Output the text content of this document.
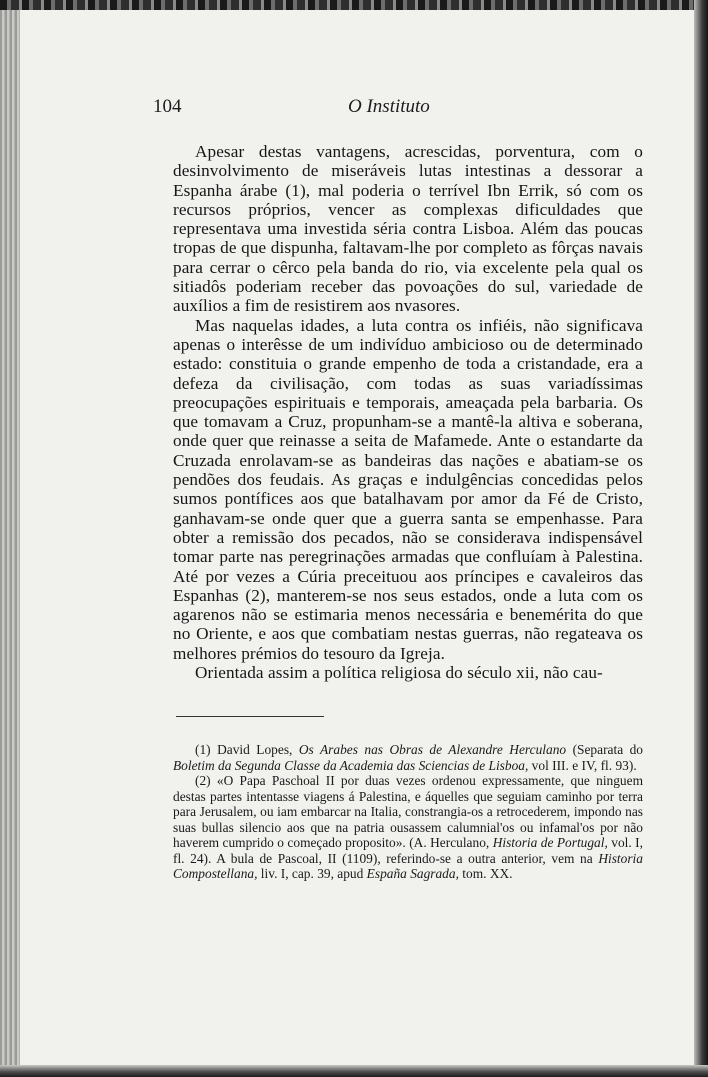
104	O Instituto

Apesar destas vantagens, acrescidas, porventura, com o desinvolvimento de miseráveis lutas intestinas a dessorar a Espanha árabe (1), mal poderia o terrível Ibn Errik, só com os recursos próprios, vencer as complexas dificuldades que representava uma investida séria contra Lisboa. Além das poucas tropas de que dispunha, faltavam-lhe por completo as fôrças navais para cerrar o cêrco pela banda do rio, via excelente pela qual os sitiadôs poderiam receber das povoações do sul, variedade de auxílios a fim de resistirem aos nvasores.

Mas naquelas idades, a luta contra os infiéis, não significava apenas o interêsse de um indivíduo ambicioso ou de determinado estado: constituia o grande empenho de toda a cristandade, era a defeza da civilisação, com todas as suas variadíssimas preocupações espirituais e temporais, ameaçada pela barbaria. Os que tomavam a Cruz, propunham-se a mantê-la altiva e soberana, onde quer que reinasse a seita de Mafamede. Ante o estandarte da Cruzada enrolavam-se as bandeiras das nações e abatiam-se os pendões dos feudais. As graças e indulgências concedidas pelos sumos pontífices aos que batalhavam por amor da Fé de Cristo, ganhavam-se onde quer que a guerra santa se empenhasse. Para obter a remissão dos pecados, não se considerava indispensável tomar parte nas peregrinações armadas que confluíam à Palestina. Até por vezes a Cúria preceituou aos príncipes e cavaleiros das Espanhas (2), manterem-se nos seus estados, onde a luta com os agarenos não se estimaria menos necessária e benemérita do que no Oriente, e aos que combatiam nestas guerras, não regateava os melhores prémios do tesouro da Igreja.

Orientada assim a política religiosa do século xii, não cau-

(1) David Lopes, Os Arabes nas Obras de Alexandre Herculano (Separata do Boletim da Segunda Classe da Academia das Sciencias de Lisboa, vol III. e IV, fl. 93).

(2) «O Papa Paschoal II por duas vezes ordenou expressamente, que ninguem destas partes intentasse viagens á Palestina, e áquelles que seguiam caminho por terra para Jerusalem, ou iam embarcar na Italia, constrangia-os a retrocederem, impondo nas suas bullas silencio aos que na patria ousassem calumnial'os ou infamal'os por não haverem cumprido o começado proposito». (A. Herculano, Historia de Portugal, vol. I, fl. 24). A bula de Pascoal, II (1109), referindo-se a outra anterior, vem na Historia Compostellana, liv. I, cap. 39, apud España Sagrada, tom. XX.
